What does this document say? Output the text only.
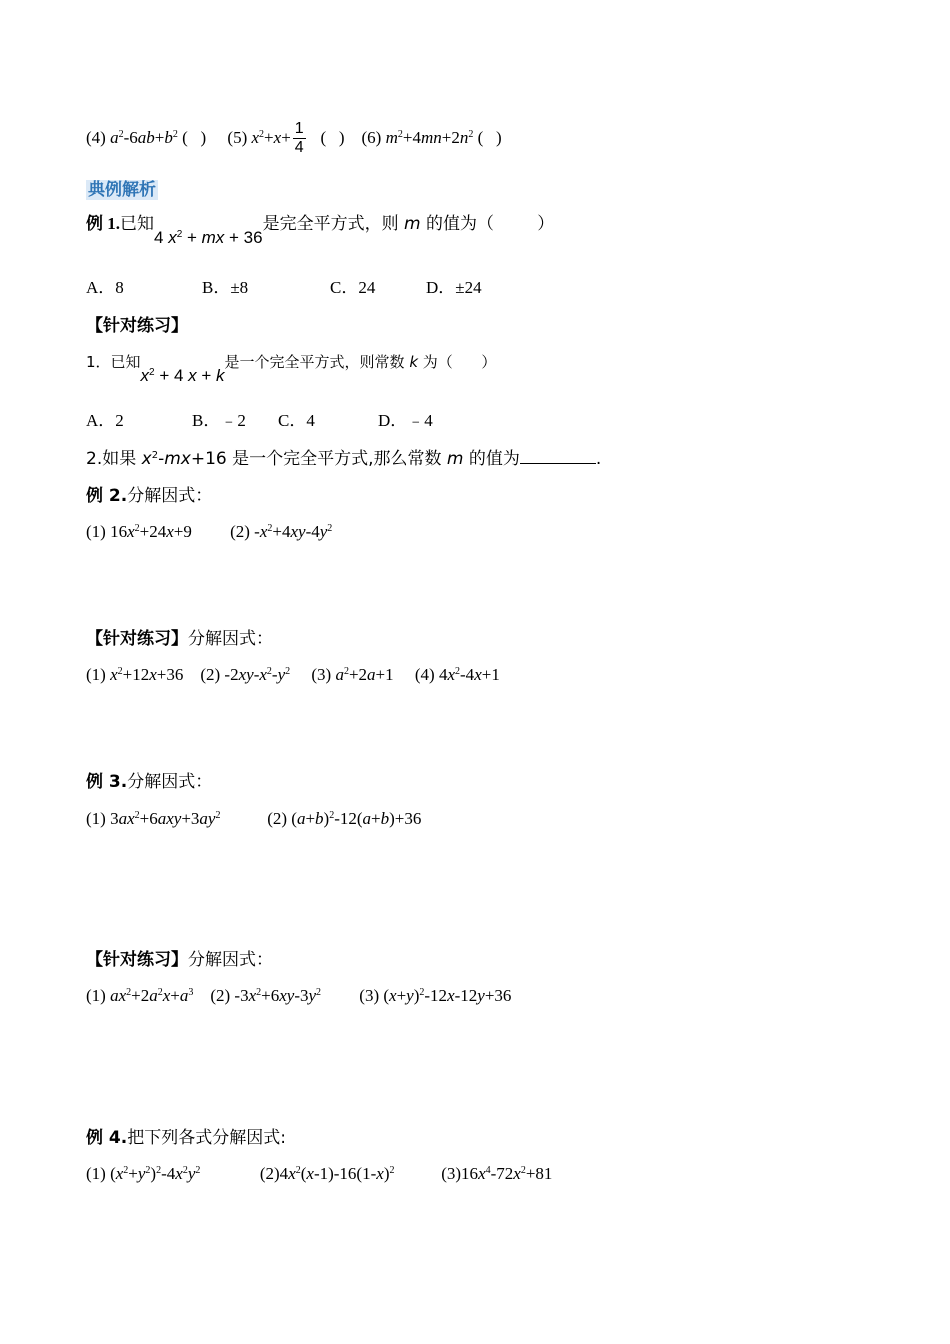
(4) $a^2-6ab+b^2$ (   ) (5) $x^2+x+ \frac{1}{4}$ (   ) (6) $m^2+4mn+2n^2$ (   )
典例解析
例 1.已知4 $x^2$ + mx + 36是完全平方式，则 m 的值为（        ）
A．8	B．±8	C．24	D．±24
【针对练习】
1．已知$x^2 + 4$ x + k是一个完全平方式，则常数 k 为（      ）
A．2	B．﹣2 C．4	D．﹣4
2.如果 $x^2-mx+16$ 是一个完全平方式,那么常数 m 的值为	.
例 2.分解因式：
(1) $16x^2+24x+9$         (2) $-x^2+4xy-4y^2$
【针对练习】分解因式：
(1) $x^2+12x+36$    (2) $-2xy-x^2-y^2$     (3) $a^2+2a+1$     (4) $4x^2-4x+1$
例 3.分解因式：
(1) $3ax^2+6axy+3ay^2$           (2) $(a+b)^2-12(a+b)+36$
【针对练习】分解因式：
(1) $ax^2+2a^2x+a^3$    (2) $-3x^2+6xy-3y^2$         (3) $(x+y)^2-12x-12y+36$
例 4.把下列各式分解因式:
(1) $(x^2+y^2)^2-4x^2y^2$              $(2)4x^2(x-1)-16(1-x)^2$           $(3)16x^4-72x^2+81$
